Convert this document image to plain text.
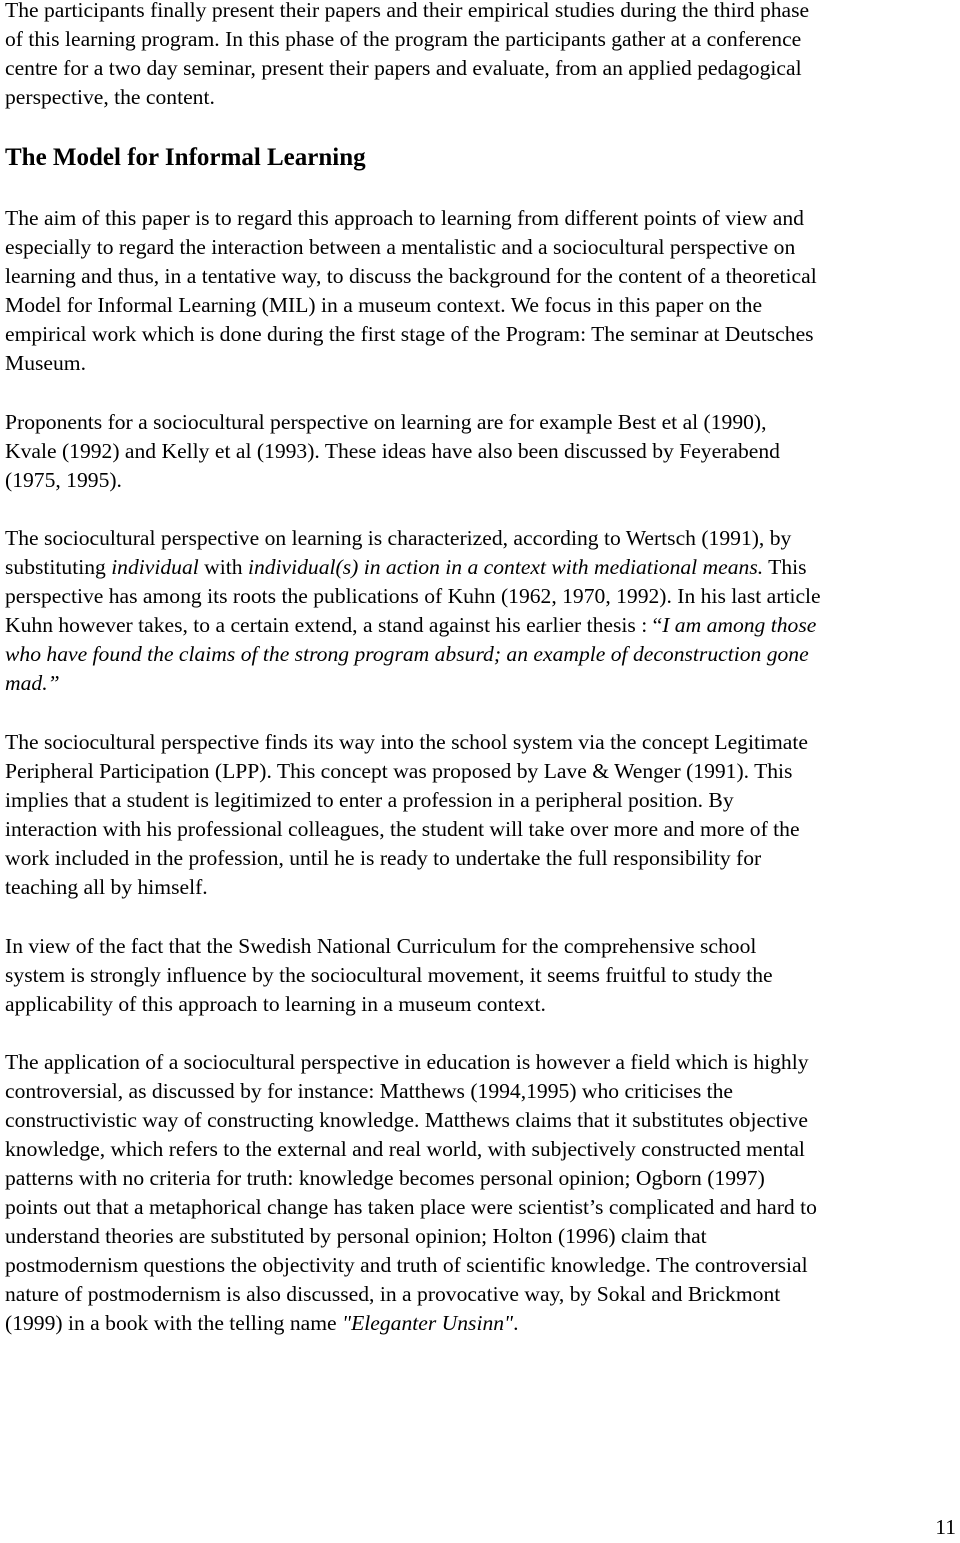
The participants finally present their papers and their empirical studies during the third phase
of this learning program. In this phase of the program the participants gather at a conference
centre for a two day seminar, present their papers and evaluate, from an applied pedagogical
perspective, the content.

The Model for Informal Learning

The aim of this paper is to regard this approach to learning from different points of view and
especially to regard the interaction between a mentalistic and a sociocultural perspective on
learning and thus, in a tentative way, to discuss the background for the content of a theoretical
Model for Informal Learning (MIL) in a museum context. We focus in this paper on the
empirical work which is done during the first stage of the Program: The seminar at Deutsches
Museum.

Proponents for a sociocultural perspective on learning are for example Best et al (1990),
Kvale (1992) and Kelly et al (1993). These ideas have also been discussed by Feyerabend
(1975, 1995).

The sociocultural perspective on learning is characterized, according to Wertsch (1991), by
substituting individual with individual(s) in action in a context with mediational means. This
perspective has among its roots the publications of Kuhn (1962, 1970, 1992). In his last article
Kuhn however takes, to a certain extend, a stand against his earlier thesis : “I am among those
who have found the claims of the strong program absurd; an example of deconstruction gone
mad.”

The sociocultural perspective finds its way into the school system via the concept Legitimate
Peripheral Participation (LPP). This concept was proposed by Lave & Wenger (1991). This
implies that a student is legitimized to enter a profession in a peripheral position. By
interaction with his professional colleagues, the student will take over more and more of the
work included in the profession, until he is ready to undertake the full responsibility for
teaching all by himself.

In view of the fact that the Swedish National Curriculum for the comprehensive school
system is strongly influence by the sociocultural movement, it seems fruitful to study the
applicability of this approach to learning in a museum context.

The application of a sociocultural perspective in education is however a field which is highly
controversial, as discussed by for instance: Matthews (1994,1995) who criticises the
constructivistic way of constructing knowledge. Matthews claims that it substitutes objective
knowledge, which refers to the external and real world, with subjectively constructed mental
patterns with no criteria for truth: knowledge becomes personal opinion; Ogborn (1997)
points out that a metaphorical change has taken place were scientist’s complicated and hard to
understand theories are substituted by personal opinion; Holton (1996) claim that
postmodernism questions the objectivity and truth of scientific knowledge. The controversial
nature of postmodernism is also discussed, in a provocative way, by Sokal and Brickmont
(1999) in a book with the telling name "Eleganter Unsinn".

11
